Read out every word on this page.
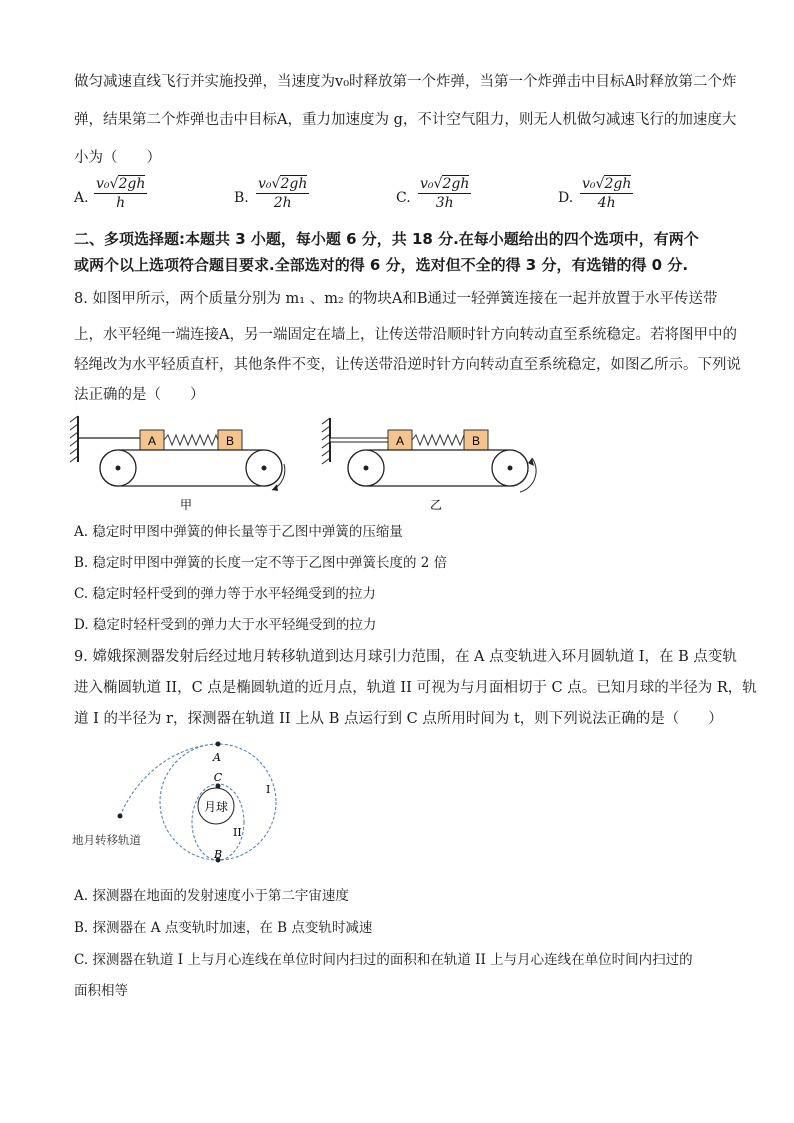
做匀减速直线飞行并实施投弹，当速度为v₀时释放第一个炸弹，当第一个炸弹击中目标A时释放第二个炸
弹，结果第二个炸弹也击中目标A，重力加速度为 g，不计空气阻力，则无人机做匀减速飞行的加速度大
小为（　　）
A. $\frac{\text{v₀√2gh}}{h}$	B. $\frac{\text{v₀√2gh}}{2h}$	C. $\frac{\text{v₀√2gh}}{3h}$	D. $\frac{\text{v₀√2gh}}{4h}$
二、多项选择题:本题共 3 小题，每小题 6 分，共 18 分.在每小题给出的四个选项中，有两个
或两个以上选项符合题目要求.全部选对的得 6 分，选对但不全的得 3 分，有选错的得 0 分.
8. 如图甲所示，两个质量分别为 m₁ 、m₂ 的物块A和B通过一轻弹簧连接在一起并放置于水平传送带
上，水平轻绳一端连接A，另一端固定在墙上，让传送带沿顺时针方向转动直至系统稳定。若将图甲中的
轻绳改为水平轻质直杆，其他条件不变，让传送带沿逆时针方向转动直至系统稳定，如图乙所示。下列说
法正确的是（　　）
A	B
甲
A	B
乙
A. 稳定时甲图中弹簧的伸长量等于乙图中弹簧的压缩量
B. 稳定时甲图中弹簧的长度一定不等于乙图中弹簧长度的 2 倍
C. 稳定时轻杆受到的弹力等于水平轻绳受到的拉力
D. 稳定时轻杆受到的弹力大于水平轻绳受到的拉力
9. 嫦娥探测器发射后经过地月转移轨道到达月球引力范围，在 A 点变轨进入环月圆轨道 I，在 B 点变轨
进入椭圆轨道 II，C 点是椭圆轨道的近月点，轨道 II 可视为与月面相切于 C 点。已知月球的半径为 R，轨
道 I 的半径为 r，探测器在轨道 II 上从 B 点运行到 C 点所用时间为 t，则下列说法正确的是（　　）
月球
A
C
B
I
II
地月转移轨道
A. 探测器在地面的发射速度小于第二宇宙速度
B. 探测器在 A 点变轨时加速，在 B 点变轨时减速
C. 探测器在轨道 I 上与月心连线在单位时间内扫过的面积和在轨道 II 上与月心连线在单位时间内扫过的
面积相等
